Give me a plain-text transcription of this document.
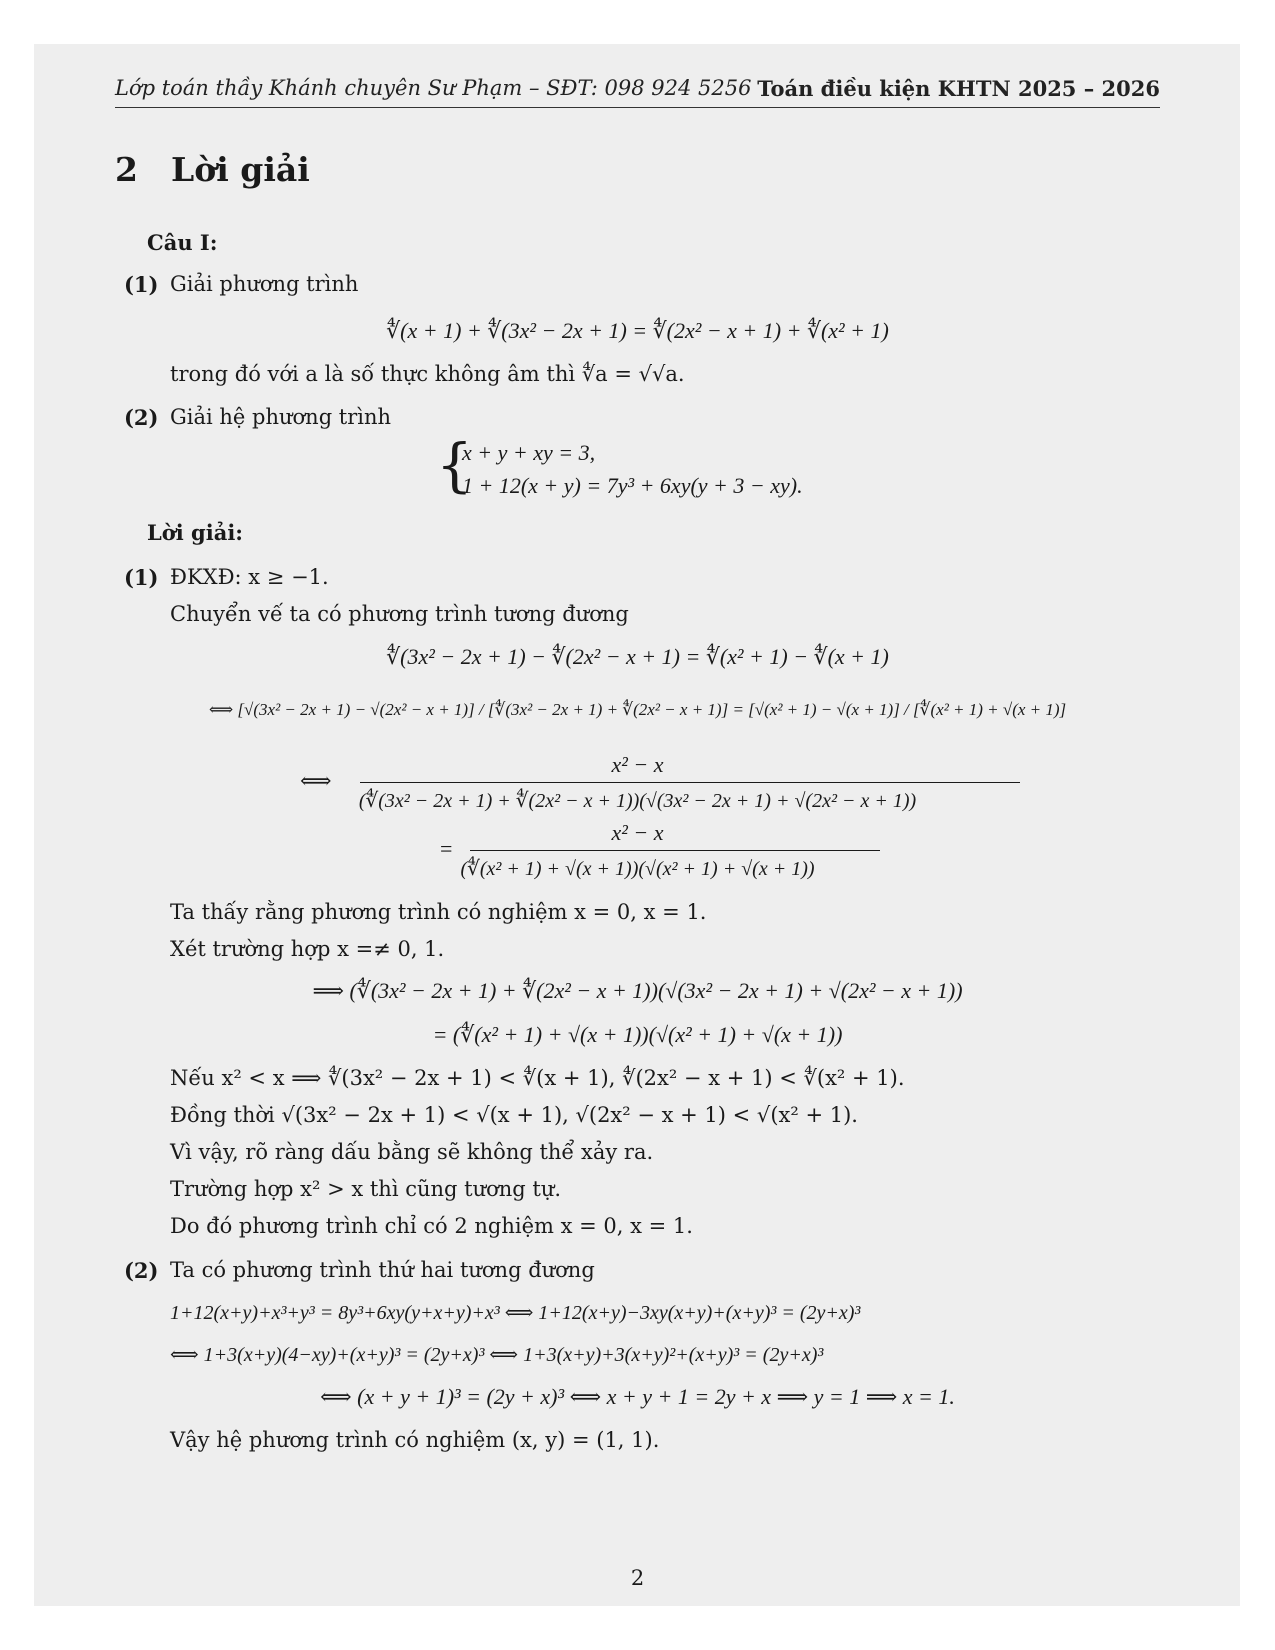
Lớp toán thầy Khánh chuyên Sư Phạm – SĐT: 098 924 5256 Toán điều kiện KHTN 2025 – 2026
2 Lời giải
Câu I:
(1) Giải phương trình
∜(x + 1) + ∜(3x² − 2x + 1) = ∜(2x² − x + 1) + ∜(x² + 1)
trong đó với a là số thực không âm thì ∜a = √√a.
(2) Giải hệ phương trình
{
x + y + xy = 3,
1 + 12(x + y) = 7y³ + 6xy(y + 3 − xy).
Lời giải:
(1) ĐKXĐ: x ≥ −1.
Chuyển vế ta có phương trình tương đương
∜(3x² − 2x + 1) − ∜(2x² − x + 1) = ∜(x² + 1) − ∜(x + 1)
⟺ [√(3x² − 2x + 1) − √(2x² − x + 1)] / [∜(3x² − 2x + 1) + ∜(2x² − x + 1)] = [√(x² + 1) − √(x + 1)] / [∜(x² + 1) + √(x + 1)]
x² − x
⟺
(∜(3x² − 2x + 1) + ∜(2x² − x + 1))(√(3x² − 2x + 1) + √(2x² − x + 1))
x² − x
=
(∜(x² + 1) + √(x + 1))(√(x² + 1) + √(x + 1))
Ta thấy rằng phương trình có nghiệm x = 0, x = 1.
Xét trường hợp x =≠ 0, 1.
⟹ (∜(3x² − 2x + 1) + ∜(2x² − x + 1))(√(3x² − 2x + 1) + √(2x² − x + 1))
= (∜(x² + 1) + √(x + 1))(√(x² + 1) + √(x + 1))
Nếu x² < x ⟹ ∜(3x² − 2x + 1) < ∜(x + 1), ∜(2x² − x + 1) < ∜(x² + 1).
Đồng thời √(3x² − 2x + 1) < √(x + 1), √(2x² − x + 1) < √(x² + 1).
Vì vậy, rõ ràng dấu bằng sẽ không thể xảy ra.
Trường hợp x² > x thì cũng tương tự.
Do đó phương trình chỉ có 2 nghiệm x = 0, x = 1.
(2) Ta có phương trình thứ hai tương đương
1+12(x+y)+x³+y³ = 8y³+6xy(y+x+y)+x³ ⟺ 1+12(x+y)−3xy(x+y)+(x+y)³ = (2y+x)³
⟺ 1+3(x+y)(4−xy)+(x+y)³ = (2y+x)³ ⟺ 1+3(x+y)+3(x+y)²+(x+y)³ = (2y+x)³
⟺ (x + y + 1)³ = (2y + x)³ ⟺ x + y + 1 = 2y + x ⟹ y = 1 ⟹ x = 1.
Vậy hệ phương trình có nghiệm (x, y) = (1, 1).
2
